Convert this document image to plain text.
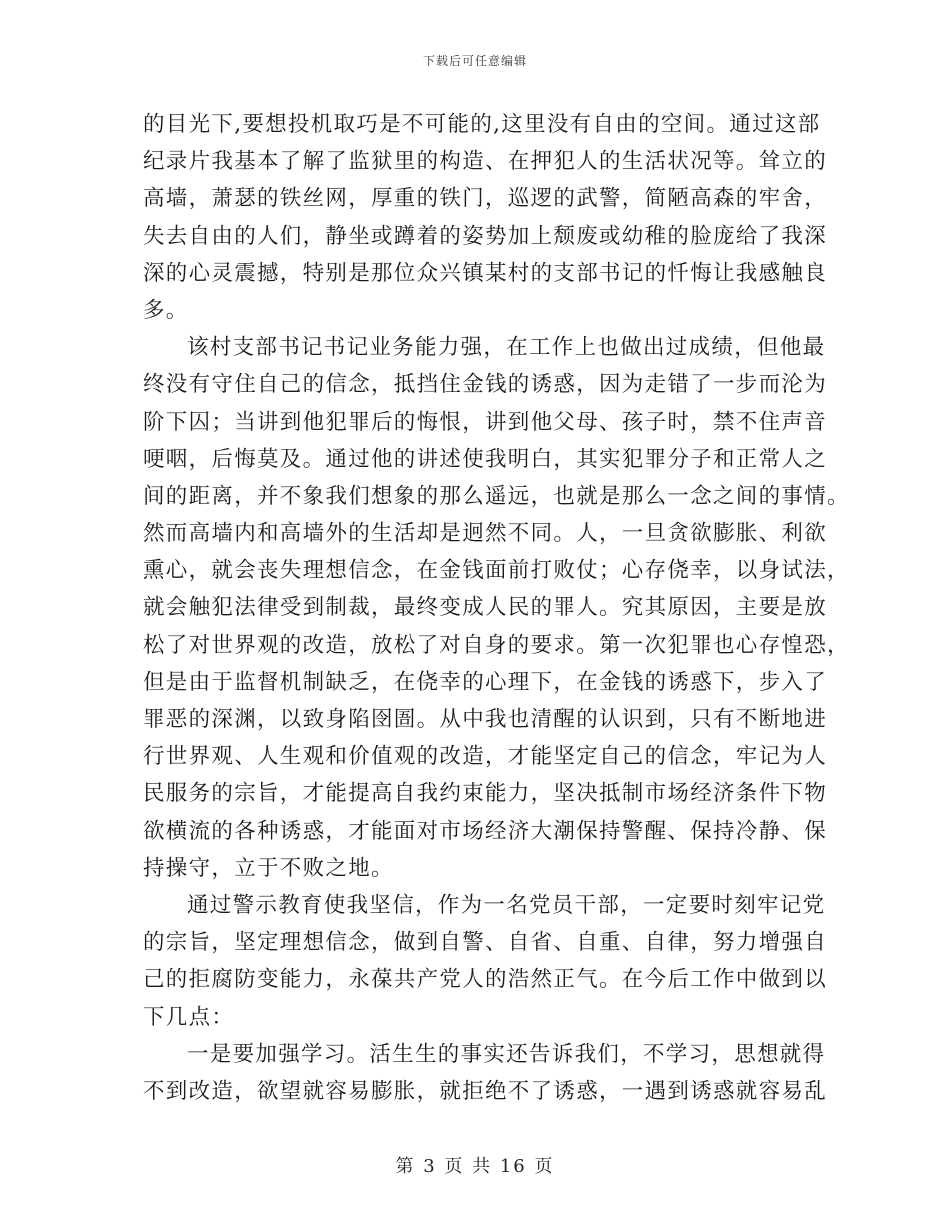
下载后可任意编辑
的目光下,要想投机取巧是不可能的,这里没有自由的空间。通过这部
纪录片我基本了解了监狱里的构造、在押犯人的生活状况等。耸立的
高墙，萧瑟的铁丝网，厚重的铁门，巡逻的武警，简陋高森的牢舍，
失去自由的人们，静坐或蹲着的姿势加上颓废或幼稚的脸庞给了我深
深的心灵震撼，特别是那位众兴镇某村的支部书记的忏悔让我感触良
多。
该村支部书记书记业务能力强，在工作上也做出过成绩，但他最
终没有守住自己的信念，抵挡住金钱的诱惑，因为走错了一步而沦为
阶下囚；当讲到他犯罪后的悔恨，讲到他父母、孩子时，禁不住声音
哽咽，后悔莫及。通过他的讲述使我明白，其实犯罪分子和正常人之
间的距离，并不象我们想象的那么遥远，也就是那么一念之间的事情。
然而高墙内和高墙外的生活却是迥然不同。人，一旦贪欲膨胀、利欲
熏心，就会丧失理想信念，在金钱面前打败仗；心存侥幸，以身试法，
就会触犯法律受到制裁，最终变成人民的罪人。究其原因，主要是放
松了对世界观的改造，放松了对自身的要求。第一次犯罪也心存惶恐，
但是由于监督机制缺乏，在侥幸的心理下，在金钱的诱惑下，步入了
罪恶的深渊，以致身陷囹圄。从中我也清醒的认识到，只有不断地进
行世界观、人生观和价值观的改造，才能坚定自己的信念，牢记为人
民服务的宗旨，才能提高自我约束能力，坚决抵制市场经济条件下物
欲横流的各种诱惑，才能面对市场经济大潮保持警醒、保持冷静、保
持操守，立于不败之地。
通过警示教育使我坚信，作为一名党员干部，一定要时刻牢记党
的宗旨，坚定理想信念，做到自警、自省、自重、自律，努力增强自
己的拒腐防变能力，永葆共产党人的浩然正气。在今后工作中做到以
下几点：
一是要加强学习。活生生的事实还告诉我们，不学习，思想就得
不到改造，欲望就容易膨胀，就拒绝不了诱惑，一遇到诱惑就容易乱
第 3 页 共 16 页
